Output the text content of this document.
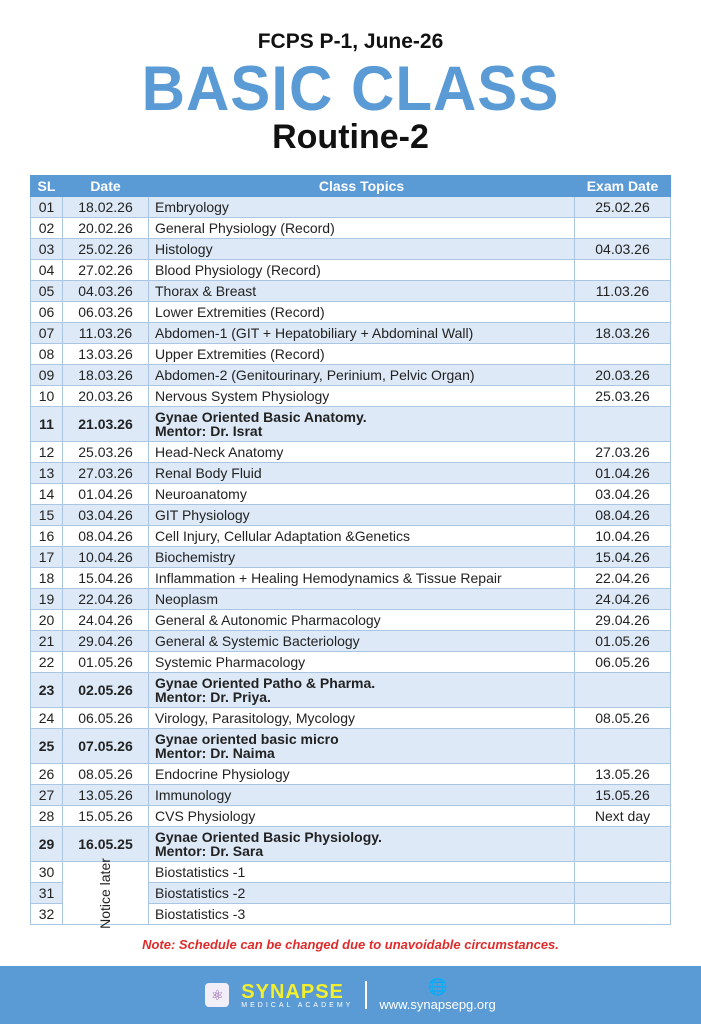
FCPS P-1, June-26
BASIC CLASS
Routine-2
SL	Date	Class Topics	Exam Date
01	18.02.26	Embryology	25.02.26
02	20.02.26	General Physiology (Record)	
03	25.02.26	Histology	04.03.26
04	27.02.26	Blood Physiology (Record)	
05	04.03.26	Thorax & Breast	11.03.26
06	06.03.26	Lower Extremities (Record)	
07	11.03.26	Abdomen-1 (GIT + Hepatobiliary + Abdominal Wall)	18.03.26
08	13.03.26	Upper Extremities (Record)	
09	18.03.26	Abdomen-2 (Genitourinary, Perinium, Pelvic Organ)	20.03.26
10	20.03.26	Nervous System Physiology	25.03.26
11	21.03.26	Gynae Oriented Basic Anatomy.
Mentor: Dr. Israt	

12	25.03.26	Head-Neck Anatomy	27.03.26
13	27.03.26	Renal Body Fluid	01.04.26
14	01.04.26	Neuroanatomy	03.04.26
15	03.04.26	GIT Physiology	08.04.26
16	08.04.26	Cell Injury, Cellular Adaptation &Genetics	10.04.26
17	10.04.26	Biochemistry	15.04.26
18	15.04.26	Inflammation + Healing Hemodynamics & Tissue Repair	22.04.26
19	22.04.26	Neoplasm	24.04.26
20	24.04.26	General & Autonomic Pharmacology	29.04.26
21	29.04.26	General & Systemic Bacteriology	01.05.26
22	01.05.26	Systemic Pharmacology	06.05.26
23	02.05.26	Gynae Oriented Patho & Pharma.
Mentor: Dr. Priya.	

24	06.05.26	Virology, Parasitology, Mycology	08.05.26
25	07.05.26	Gynae oriented basic micro
Mentor: Dr. Naima	

26	08.05.26	Endocrine Physiology	13.05.26
27	13.05.26	Immunology	15.05.26
28	15.05.26	CVS Physiology	Next day
29	16.05.25	Gynae Oriented Basic Physiology.
Mentor: Dr. Sara	

30	Notice later	Biostatistics -1	
31		Biostatistics -2	
32		Biostatistics -3	
Note: Schedule can be changed due to unavoidable circumstances.
⚛ SYNAPSE
MEDICAL ACADEMY
🌐
www.synapsepg.org
